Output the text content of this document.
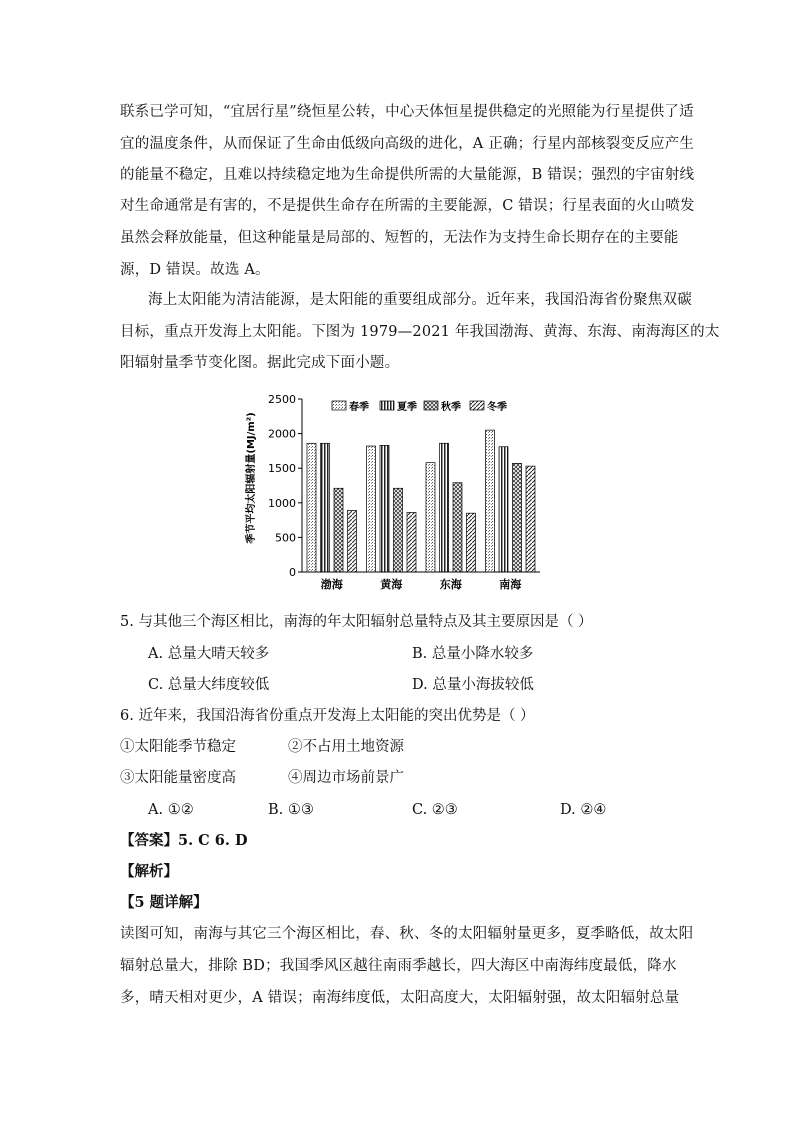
联系已学可知，“宜居行星”绕恒星公转，中心天体恒星提供稳定的光照能为行星提供了适
宜的温度条件，从而保证了生命由低级向高级的进化，A 正确；行星内部核裂变反应产生
的能量不稳定，且难以持续稳定地为生命提供所需的大量能源，B 错误；强烈的宇宙射线
对生命通常是有害的，不是提供生命存在所需的主要能源，C 错误；行星表面的火山喷发
虽然会释放能量，但这种能量是局部的、短暂的，无法作为支持生命长期存在的主要能
源，D 错误。故选 A。
海上太阳能为清洁能源，是太阳能的重要组成部分。近年来，我国沿海省份聚焦双碳
目标，重点开发海上太阳能。下图为 1979—2021 年我国渤海、黄海、东海、南海海区的太
阳辐射量季节变化图。据此完成下面小题。
季节平均太阳辐射量(MJ/m²)
0
500
1000
1500
2000
2500
渤海	黄海	东海	南海
春季	夏季 秋季	冬季
5. 与其他三个海区相比，南海的年太阳辐射总量特点及其主要原因是（ ）
A. 总量大晴天较多	B. 总量小降水较多
C. 总量大纬度较低	D. 总量小海拔较低
6. 近年来，我国沿海省份重点开发海上太阳能的突出优势是（ ）
①太阳能季节稳定	②不占用土地资源
③太阳能量密度高	④周边市场前景广
A. ①②	B. ①③	C. ②③	D. ②④
【答案】5. C 6. D
【解析】
【5 题详解】
读图可知，南海与其它三个海区相比，春、秋、冬的太阳辐射量更多，夏季略低，故太阳
辐射总量大，排除 BD；我国季风区越往南雨季越长，四大海区中南海纬度最低，降水
多，晴天相对更少，A 错误；南海纬度低，太阳高度大，太阳辐射强，故太阳辐射总量
